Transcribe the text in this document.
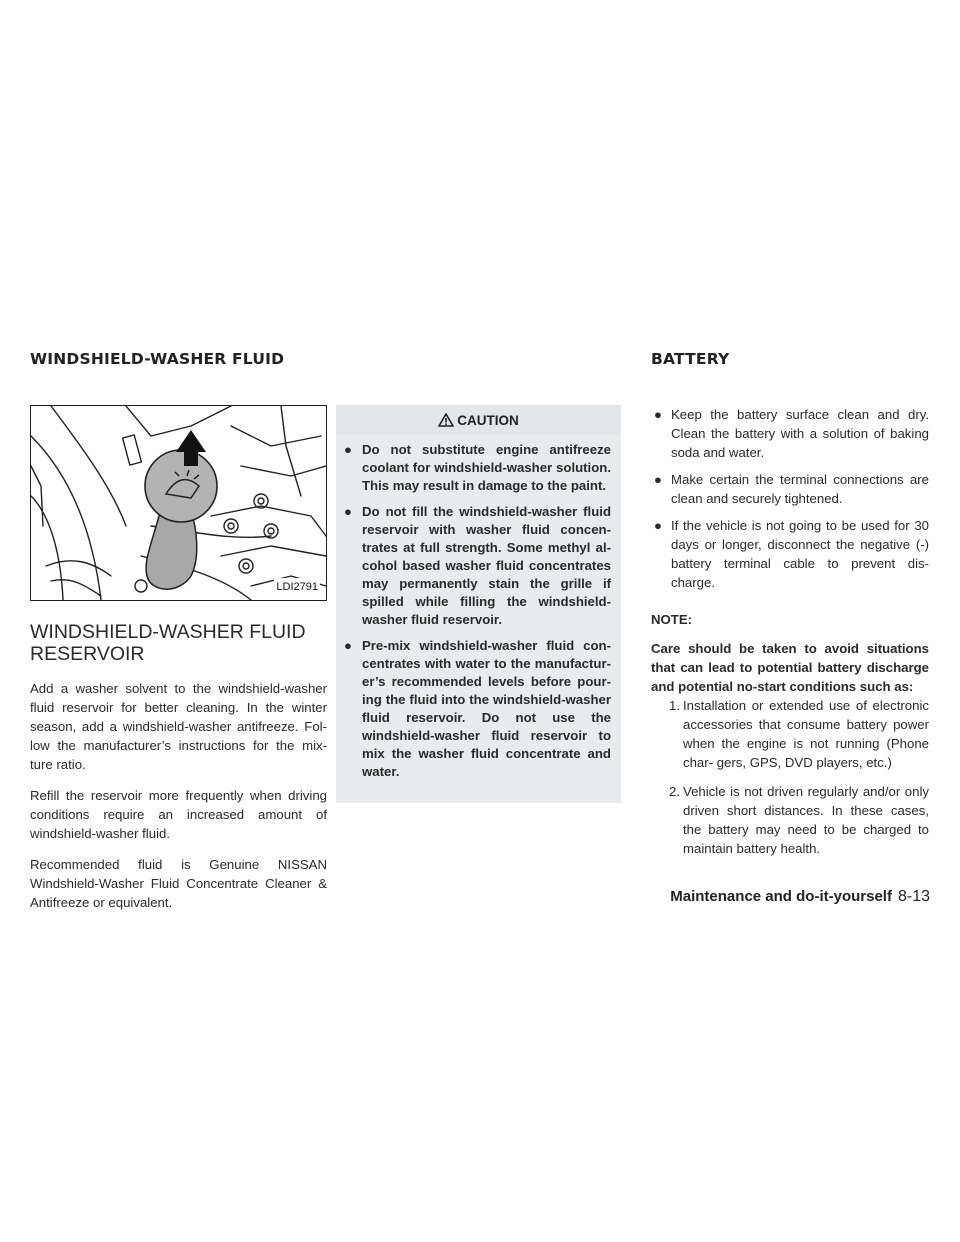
WINDSHIELD-WASHER FLUID	BATTERY
LDI2791
WINDSHIELD-WASHER FLUID RESERVOIR

Add a washer solvent to the windshield-washer fluid reservoir for better cleaning. In the winter season, add a windshield-washer antifreeze. Fol- low the manufacturer’s instructions for the mix- ture ratio.

Refill the reservoir more frequently when driving conditions require an increased amount of windshield-washer fluid.

Recommended fluid is Genuine NISSAN Windshield-Washer Fluid Concentrate Cleaner & Antifreeze or equivalent.

CAUTION
● Do not substitute engine antifreeze coolant for windshield-washer solution. This may result in damage to the paint.
● Do not fill the windshield-washer fluid reservoir with washer fluid concen- trates at full strength. Some methyl al- cohol based washer fluid concentrates may permanently stain the grille if spilled while filling the windshield- washer fluid reservoir.
● Pre-mix windshield-washer fluid con- centrates with water to the manufactur- er’s recommended levels before pour- ing the fluid into the windshield-washer fluid reservoir. Do not use the windshield-washer fluid reservoir to mix the washer fluid concentrate and water.
● Keep the battery surface clean and dry. Clean the battery with a solution of baking soda and water.
● Make certain the terminal connections are clean and securely tightened.
● If the vehicle is not going to be used for 30 days or longer, disconnect the negative (-) battery terminal cable to prevent dis- charge.
NOTE:
Care should be taken to avoid situations that can lead to potential battery discharge and potential no-start conditions such as:
1. Installation or extended use of electronic accessories that consume battery power when the engine is not running (Phone char- gers, GPS, DVD players, etc.)
2. Vehicle is not driven regularly and/or only driven short distances. In these cases, the battery may need to be charged to maintain battery health.
Maintenance and do-it-yourself 8-13
